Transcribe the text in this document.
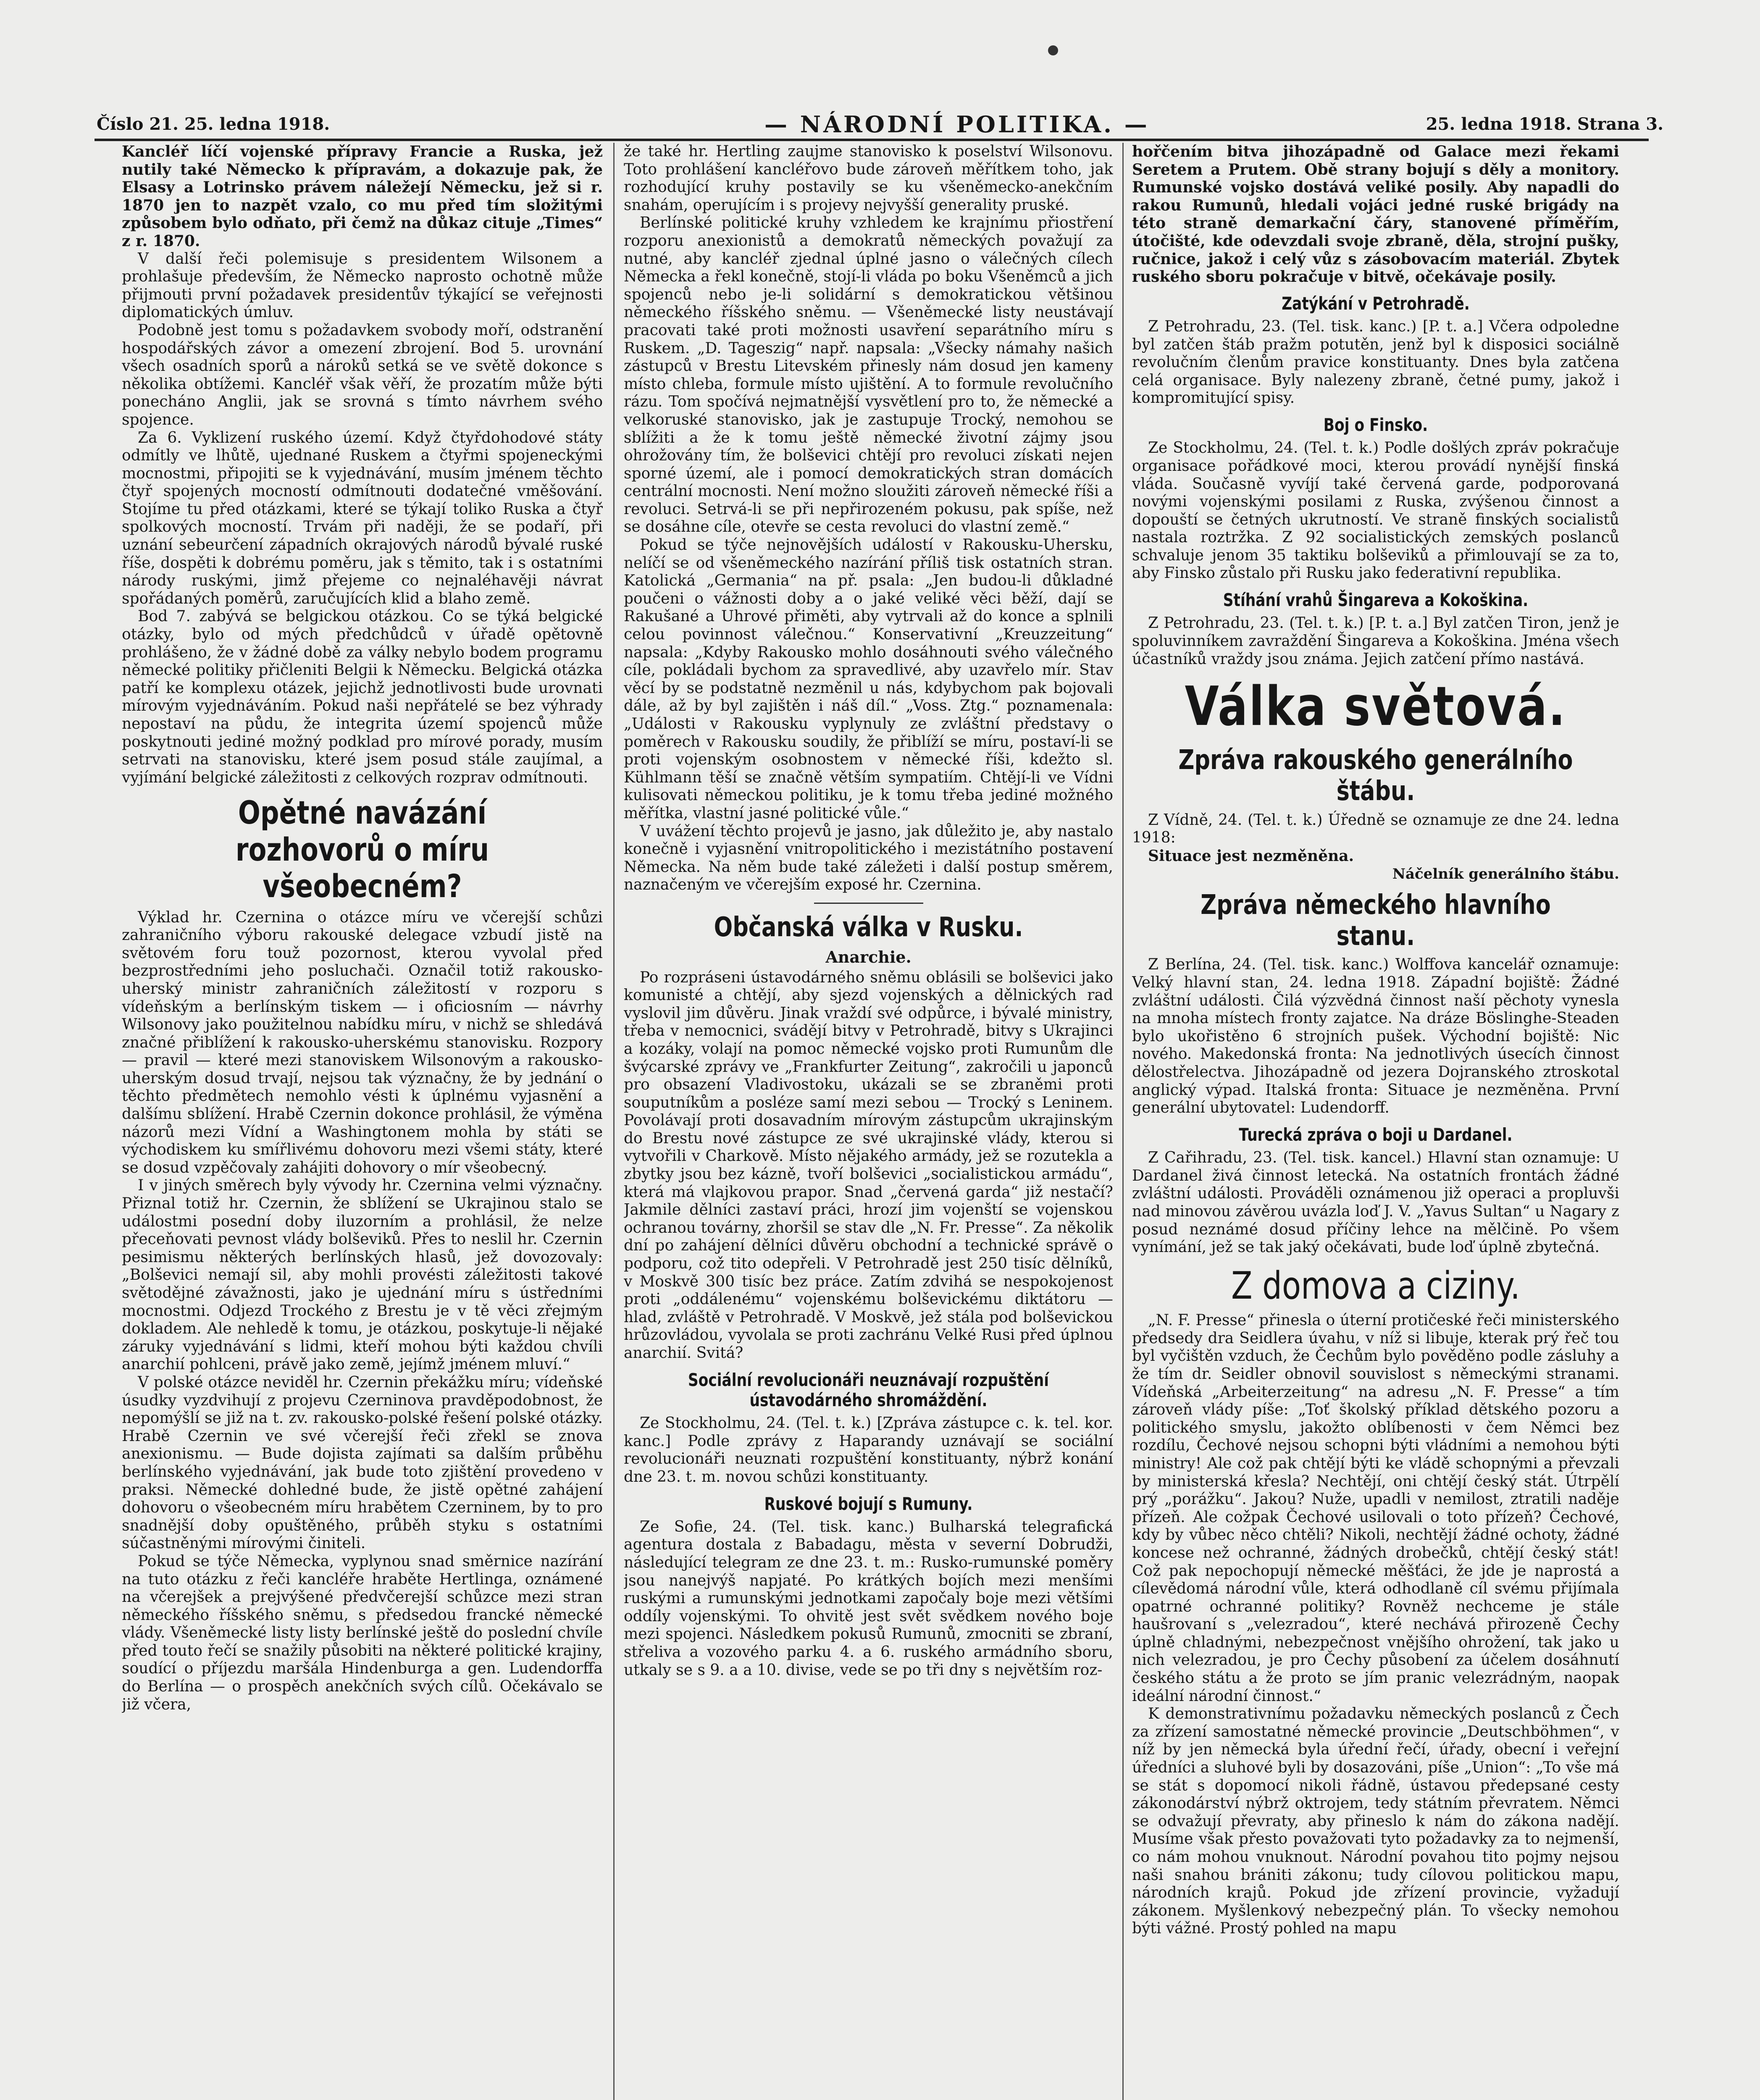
Číslo 21. 25. ledna 1918.	— NÁRODNÍ POLITIKA. —	25. ledna 1918. Strana 3.

Kancléř líčí vojenské přípravy Francie a Ruska, jež nutily také Německo k přípravám, a dokazuje pak, že Elsasy a Lotrinsko právem náležejí Německu, jež si r. 1870 jen to nazpět vzalo, co mu před tím složitými způsobem bylo odňato, při čemž na důkaz cituje „Times“ z r. 1870.

V další řeči polemisuje s presidentem Wilsonem a prohlašuje především, že Německo naprosto ochotně může přijmouti první požadavek presidentův týkající se veřejnosti diplomatických úmluv.

Podobně jest tomu s požadavkem svobody moří, odstranění hospodářských závor a omezení zbrojení. Bod 5. urovnání všech osadních sporů a nároků setká se ve světě dokonce s několika obtížemi. Kancléř však věří, že prozatím může býti ponecháno Anglii, jak se srovná s tímto návrhem svého spojence.

Za 6. Vyklizení ruského území. Když čtyřdohodové státy odmítly ve lhůtě, ujednané Ruskem a čtyřmi spojeneckými mocnostmi, připojiti se k vyjednávání, musím jménem těchto čtyř spojených mocností odmítnouti dodatečné vměšování. Stojíme tu před otázkami, které se týkají toliko Ruska a čtyř spolkových mocností. Trvám při naději, že se podaří, při uznání sebeurčení západních okrajových národů bývalé ruské říše, dospěti k dobrému poměru, jak s těmito, tak i s ostatními národy ruskými, jimž přejeme co nejnaléhavěji návrat spořádaných poměrů, zaručujících klid a blaho země.

Bod 7. zabývá se belgickou otázkou. Co se týká belgické otázky, bylo od mých předchůdců v úřadě opětovně prohlášeno, že v žádné době za války nebylo bodem programu německé politiky přičleniti Belgii k Německu. Belgická otázka patří ke komplexu otázek, jejichž jednotlivosti bude urovnati mírovým vyjednáváním. Pokud naši nepřátelé se bez výhrady nepostaví na půdu, že integrita území spojenců může poskytnouti jediné možný podklad pro mírové porady, musím setrvati na stanovisku, které jsem posud stále zaujímal, a vyjímání belgické záležitosti z celkových rozprav odmítnouti.

Opětné navázání rozhovorů o míru všeobecném?

Výklad hr. Czernina o otázce míru ve včerejší schůzi zahraničního výboru rakouské delegace vzbudí jistě na světovém foru touž pozornost, kterou vyvolal před bezprostředními jeho posluchači. Označil totiž rakousko-uherský ministr zahraničních záležitostí v rozporu s vídeňským a berlínským tiskem — i oficiosním — návrhy Wilsonovy jako použitelnou nabídku míru, v nichž se shledává značné přiblížení k rakousko-uherskému stanovisku. Rozpory — pravil — které mezi stanoviskem Wilsonovým a rakousko-uherským dosud trvají, nejsou tak význačny, že by jednání o těchto předmětech nemohlo vésti k úplnému vyjasnění a dalšímu sblížení. Hrabě Czernin dokonce prohlásil, že výměna názorů mezi Vídní a Washingtonem mohla by státi se východiskem ku smířlivému dohovoru mezi všemi státy, které se dosud vzpěčovaly zahájiti dohovory o mír všeobecný.

I v jiných směrech byly vývody hr. Czernina velmi význačny. Přiznal totiž hr. Czernin, že sblížení se Ukrajinou stalo se událostmi posední doby iluzorním a prohlásil, že nelze přeceňovati pevnost vlády bolševiků. Přes to neslil hr. Czernin pesimismu některých berlínských hlasů, jež dovozovaly: „Bolševici nemají sil, aby mohli provésti záležitosti takové světodějné závažnosti, jako je ujednání míru s ústředními mocnostmi. Odjezd Trockého z Brestu je v tě věci zřejmým dokladem. Ale nehledě k tomu, je otázkou, poskytuje-li nějaké záruky vyjednávání s lidmi, kteří mohou býti každou chvíli anarchií pohlceni, právě jako země, jejímž jménem mluví.“

V polské otázce neviděl hr. Czernin překážku míru; vídeňské úsudky vyzdvihují z projevu Czerninova pravděpodobnost, že nepomýšlí se již na t. zv. rakousko-polské řešení polské otázky. Hrabě Czernin ve své včerejší řeči zřekl se znova anexionismu. — Bude dojista zajímati sa dalším průběhu berlínského vyjednávání, jak bude toto zjištění provedeno v praksi. Německé dohledné bude, že jistě opětné zahájení dohovoru o všeobecném míru hrabětem Czerninem, by to pro snadnější doby opuštěného, průběh styku s ostatními súčastněnými mírovými činiteli.

Pokud se týče Německa, vyplynou snad směrnice nazírání na tuto otázku z řeči kancléře hraběte Hertlinga, oznámené na včerejšek a prejvýšené předvčerejší schůzce mezi stran německého říšského sněmu, s předsedou francké německé vlády. Všeněmecké listy listy berlínské ještě do poslední chvíle před touto řečí se snažily působiti na některé politické krajiny, soudící o příjezdu maršála Hindenburga a gen. Ludendorffa do Berlína — o prospěch anekčních svých cílů. Očekávalo se již včera,

že také hr. Hertling zaujme stanovisko k poselství Wilsonovu. Toto prohlášení kancléřovo bude zároveň měřítkem toho, jak rozhodující kruhy postavily se ku všeněmecko-anekčním snahám, operujícím i s projevy nejvyšší generality pruské.

Berlínské politické kruhy vzhledem ke krajnímu přiostření rozporu anexionistů a demokratů německých považují za nutné, aby kancléř zjednal úplné jasno o válečných cílech Německa a řekl konečně, stojí-li vláda po boku Všeněmců a jich spojenců nebo je-li solidární s demokratickou většinou německého říšského sněmu. — Všeněmecké listy neustávají pracovati také proti možnosti usavření separátního míru s Ruskem. „D. Tageszig“ např. napsala: „Všecky námahy našich zástupců v Brestu Litevském přinesly nám dosud jen kameny místo chleba, formule místo ujištění. A to formule revolučního rázu. Tom spočívá nejmatnější vysvětlení pro to, že německé a velkoruské stanovisko, jak je zastupuje Trocký, nemohou se sblížiti a že k tomu ještě německé životní zájmy jsou ohrožovány tím, že bolševici chtějí pro revoluci získati nejen sporné území, ale i pomocí demokratických stran domácích centrální mocnosti. Není možno sloužiti zároveň německé říši a revoluci. Setrvá-li se při nepřirozeném pokusu, pak spíše, než se dosáhne cíle, otevře se cesta revoluci do vlastní země.“

Pokud se týče nejnovějších událostí v Rakousku-Uhersku, nelíčí se od všeněmeckého nazírání příliš tisk ostatních stran. Katolická „Germania“ na př. psala: „Jen budou-li důkladné poučeni o vážnosti doby a o jaké veliké věci běží, dají se Rakušané a Uhrové přiměti, aby vytrvali až do konce a splnili celou povinnost válečnou.“ Konservativní „Kreuzzeitung“ napsala: „Kdyby Rakousko mohlo dosáhnouti svého válečného cíle, pokládali bychom za spravedlivé, aby uzavřelo mír. Stav věcí by se podstatně nezměnil u nás, kdybychom pak bojovali dále, až by byl zajištěn i náš díl.“ „Voss. Ztg.“ poznamenala: „Události v Rakousku vyplynuly ze zvláštní představy o poměrech v Rakousku soudily, že přiblíží se míru, postaví-li se proti vojenským osobnostem v německé říši, kdežto sl. Kühlmann těší se značně větším sympatiím. Chtějí-li ve Vídni kulisovati německou politiku, je k tomu třeba jediné možného měřítka, vlastní jasné politické vůle.“

V uvážení těchto projevů je jasno, jak důležito je, aby nastalo konečně i vyjasnění vnitropolitického i mezistátního postavení Německa. Na něm bude také záležeti i další postup směrem, naznačeným ve včerejším exposé hr. Czernina.

Občanská válka v Rusku.
Anarchie.

Po rozpráseni ústavodárného sněmu oblásili se bolševici jako komunisté a chtějí, aby sjezd vojenských a dělnických rad vyslovil jim důvěru. Jinak vraždí své odpůrce, i bývalé ministry, třeba v nemocnici, svádějí bitvy v Petrohradě, bitvy s Ukrajinci a kozáky, volají na pomoc německé vojsko proti Rumunům dle švýcarské zprávy ve „Frankfurter Zeitung“, zakročili u japonců pro obsazení Vladivostoku, ukázali se se zbraněmi proti souputníkům a posléze samí mezi sebou — Trocký s Leninem. Povolávají proti dosavadním mírovým zástupcům ukrajinským do Brestu nové zástupce ze své ukrajinské vlády, kterou si vytvořili v Charkově. Místo nějakého armády, jež se rozutekla a zbytky jsou bez kázně, tvoří bolševici „socialistickou armádu“, která má vlajkovou prapor. Snad „červená garda“ již nestačí? Jakmile dělníci zastaví práci, hrozí jim vojenští se vojenskou ochranou továrny, zhoršil se stav dle „N. Fr. Presse“. Za několik dní po zahájení dělníci důvěru obchodní a technické správě o podporu, což tito odepřeli. V Petrohradě jest 250 tisíc dělníků, v Moskvě 300 tisíc bez práce. Zatím zdvihá se nespokojenost proti „oddálenému“ vojenskému bolševickému diktátoru — hlad, zvláště v Petrohradě. V Moskvě, jež stála pod bolševickou hrůzovládou, vyvolala se proti zachránu Velké Rusi před úplnou anarchií. Svitá?

Sociální revolucionáři neuznávají rozpuštění ústavodárného shromáždění.

Ze Stockholmu, 24. (Tel. t. k.) [Zpráva zástupce c. k. tel. kor. kanc.] Podle zprávy z Haparandy uznávají se sociální revolucionáři neuznati rozpuštění konstituanty, nýbrž konání dne 23. t. m. novou schůzi konstituanty.

Ruskové bojují s Rumuny.

Ze Sofie, 24. (Tel. tisk. kanc.) Bulharská telegrafická agentura dostala z Babadagu, města v severní Dobrudži, následující telegram ze dne 23. t. m.: Rusko-rumunské poměry jsou nanejvýš napjaté. Po krátkých bojích mezi menšími ruskými a rumunskými jednotkami započaly boje mezi většími oddíly vojenskými. To ohvitě jest svět svědkem nového boje mezi spojenci. Následkem pokusů Rumunů, zmocniti se zbraní, střeliva a vozového parku 4. a 6. ruského armádního sboru, utkaly se s 9. a a 10. divise, vede se po tři dny s největším roz-

hořčením bitva jihozápadně od Galace mezi řekami Seretem a Prutem. Obě strany bojují s děly a monitory. Rumunské vojsko dostává veliké posily. Aby napadli do rakou Rumunů, hledali vojáci jedné ruské brigády na této straně demarkační čáry, stanovené příměřím, útočišté, kde odevzdali svoje zbraně, děla, strojní pušky, ručnice, jakož i celý vůz s zásobovacím materiál. Zbytek ruského sboru pokračuje v bitvě, očekávaje posily.

Zatýkání v Petrohradě.

Z Petrohradu, 23. (Tel. tisk. kanc.) [P. t. a.] Včera odpoledne byl zatčen štáb pražm potutěn, jenž byl k disposici sociálně revolučním členům pravice konstituanty. Dnes byla zatčena celá organisace. Byly nalezeny zbraně, četné pumy, jakož i kompromitující spisy.

Boj o Finsko.

Ze Stockholmu, 24. (Tel. t. k.) Podle došlých zpráv pokračuje organisace pořádkové moci, kterou provádí nynější finská vláda. Současně vyvíjí také červená garde, podporovaná novými vojenskými posilami z Ruska, zvýšenou činnost a dopouští se četných ukrutností. Ve straně finských socialistů nastala roztržka. Z 92 socialistických zemských poslanců schvaluje jenom 35 taktiku bolševiků a přimlouvají se za to, aby Finsko zůstalo při Rusku jako federativní republika.

Stíhání vrahů Šingareva a Kokoškina.

Z Petrohradu, 23. (Tel. t. k.) [P. t. a.] Byl zatčen Tiron, jenž je spoluvinníkem zavraždění Šingareva a Kokoškina. Jména všech účastníků vraždy jsou známa. Jejich zatčení přímo nastává.

Válka světová.
Zpráva rakouského generálního štábu.

Z Vídně, 24. (Tel. t. k.) Úředně se oznamuje ze dne 24. ledna 1918:

Situace jest nezměněna.

Náčelník generálního štábu.
Zpráva německého hlavního stanu.

Z Berlína, 24. (Tel. tisk. kanc.) Wolffova kancelář oznamuje: Velký hlavní stan, 24. ledna 1918. Západní bojiště: Žádné zvláštní události. Čilá výzvědná činnost naší pěchoty vynesla na mnoha místech fronty zajatce. Na dráze Böslinghe-Steaden bylo ukořistěno 6 strojních pušek. Východní bojiště: Nic nového. Makedonská fronta: Na jednotlivých úsecích činnost dělostřelectva. Jihozápadně od jezera Dojranského ztroskotal anglický výpad. Italská fronta: Situace je nezměněna. První generální ubytovatel: Ludendorff.

Turecká zpráva o boji u Dardanel.

Z Cařihradu, 23. (Tel. tisk. kancel.) Hlavní stan oznamuje: U Dardanel živá činnost letecká. Na ostatních frontách žádné zvláštní události. Prováděli oznámenou již operaci a propluvši nad minovou závěrou uvázla loď J. V. „Yavus Sultan“ u Nagary z posud neznámé dosud příčiny lehce na mělčině. Po všem vynímání, jež se tak jaký očekávati, bude loď úplně zbytečná.

Z domova a ciziny.

„N. F. Presse“ přinesla o úterní protičeské řeči ministerského předsedy dra Seidlera úvahu, v níž si libuje, kterak prý řeč tou byl vyčištěn vzduch, že Čechům bylo pověděno podle zásluhy a že tím dr. Seidler obnovil souvislost s německými stranami. Vídeňská „Arbeiterzeitung“ na adresu „N. F. Presse“ a tím zároveň vlády píše: „Toť školský příklad dětského pozoru a politického smyslu, jakožto oblíbenosti v čem Němci bez rozdílu, Čechové nejsou schopni býti vládními a nemohou býti ministry! Ale což pak chtějí býti ke vládě schopnými a převzali by ministerská křesla? Nechtějí, oni chtějí český stát. Útrpělí prý „porážku“. Jakou? Nuže, upadli v nemilost, ztratili naděje přízeň. Ale cožpak Čechové usilovali o toto přízeň? Čechové, kdy by vůbec něco chtěli? Nikoli, nechtějí žádné ochoty, žádné koncese než ochranné, žádných drobečků, chtějí český stát! Což pak nepochopují německé měšťáci, že jde je naprostá a cílevědomá národní vůle, která odhodlaně cíl svému přijímala opatrné ochranné politiky? Rovněž nechceme je stále haušrovaní s „velezradou“, které nechává přirozeně Čechy úplně chladnými, nebezpečnost vnějšího ohrožení, tak jako u nich velezradou, je pro Čechy působení za účelem dosáhnutí českého státu a že proto se jím pranic velezrádným, naopak ideální národní činnost.“

K demonstrativnímu požadavku německých poslanců z Čech za zřízení samostatné německé provincie „Deutschböhmen“, v níž by jen německá byla úřední řečí, úřady, obecní i veřejní úředníci a sluhové byli by dosazováni, píše „Union“: „To vše má se stát s dopomocí nikoli řádně, ústavou předepsané cesty zákonodárství nýbrž oktrojem, tedy státním převratem. Němci se odvažují převraty, aby přineslo k nám do zákona nadějí. Musíme však přesto považovati tyto požadavky za to nejmenší, co nám mohou vnuknout. Národní povahou tito pojmy nejsou naši snahou brániti zákonu; tudy cílovou politickou mapu, národních krajů. Pokud jde zřízení provincie, vyžadují zákonem. Myšlenkový nebezpečný plán. To všecky nemohou býti vážné. Prostý pohled na mapu
